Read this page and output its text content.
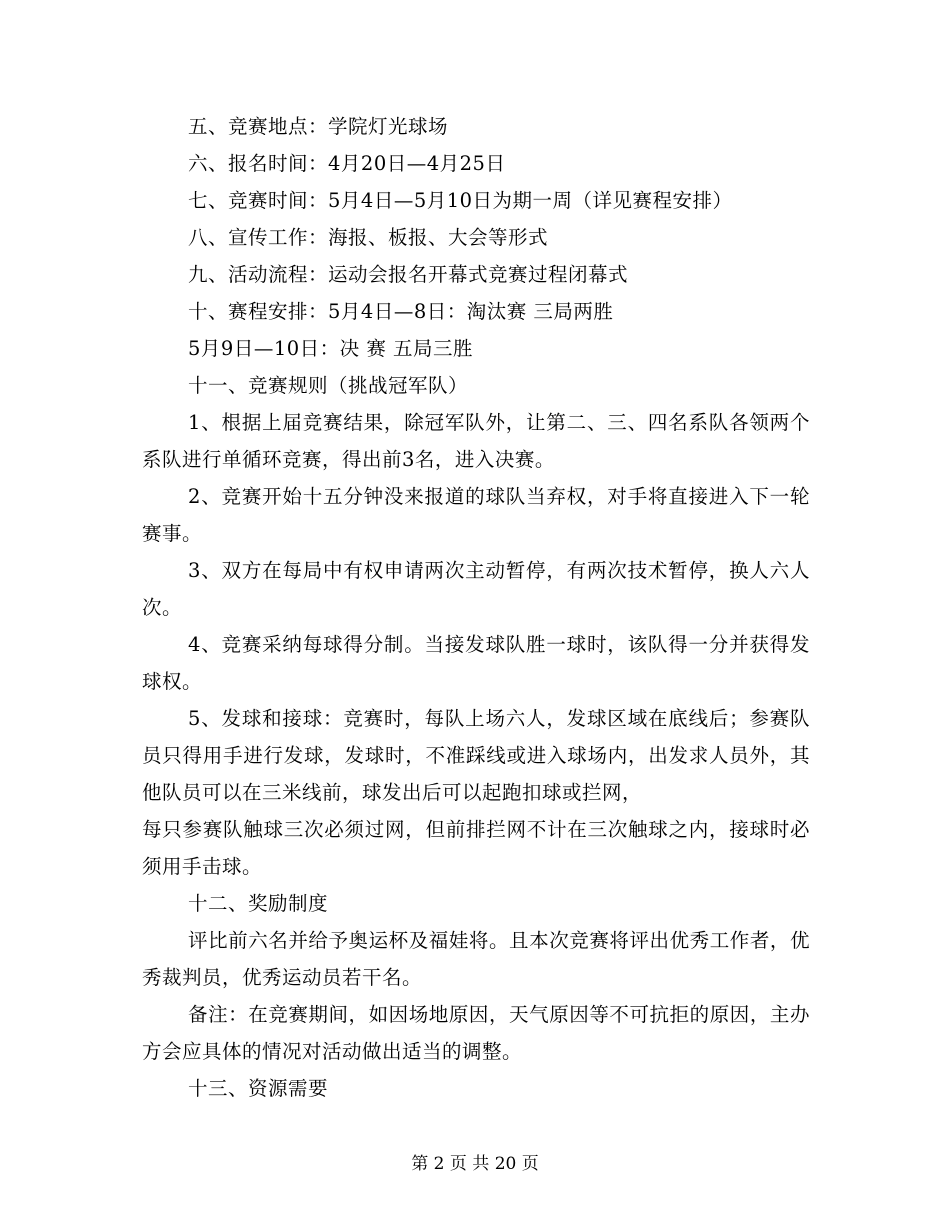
五、竞赛地点：学院灯光球场

六、报名时间：4月20日—4月25日

七、竞赛时间：5月4日—5月10日为期一周（详见赛程安排）

八、宣传工作：海报、板报、大会等形式

九、活动流程：运动会报名开幕式竞赛过程闭幕式

十、赛程安排：5月4日—8日：淘汰赛 三局两胜

5月9日—10日：决 赛 五局三胜

十一、竞赛规则（挑战冠军队）

1、根据上届竞赛结果，除冠军队外，让第二、三、四名系队各领两个系队进行单循环竞赛，得出前3名，进入决赛。

2、竞赛开始十五分钟没来报道的球队当弃权，对手将直接进入下一轮赛事。

3、双方在每局中有权申请两次主动暂停，有两次技术暂停，换人六人次。

4、竞赛采纳每球得分制。当接发球队胜一球时，该队得一分并获得发球权。

5、发球和接球：竞赛时，每队上场六人，发球区域在底线后；参赛队员只得用手进行发球，发球时，不准踩线或进入球场内，出发求人员外，其他队员可以在三米线前，球发出后可以起跑扣球或拦网，

每只参赛队触球三次必须过网，但前排拦网不计在三次触球之内，接球时必须用手击球。

十二、奖励制度

评比前六名并给予奥运杯及福娃将。且本次竞赛将评出优秀工作者，优秀裁判员，优秀运动员若干名。

备注：在竞赛期间，如因场地原因，天气原因等不可抗拒的原因，主办方会应具体的情况对活动做出适当的调整。

十三、资源需要

第 2 页 共 20 页
